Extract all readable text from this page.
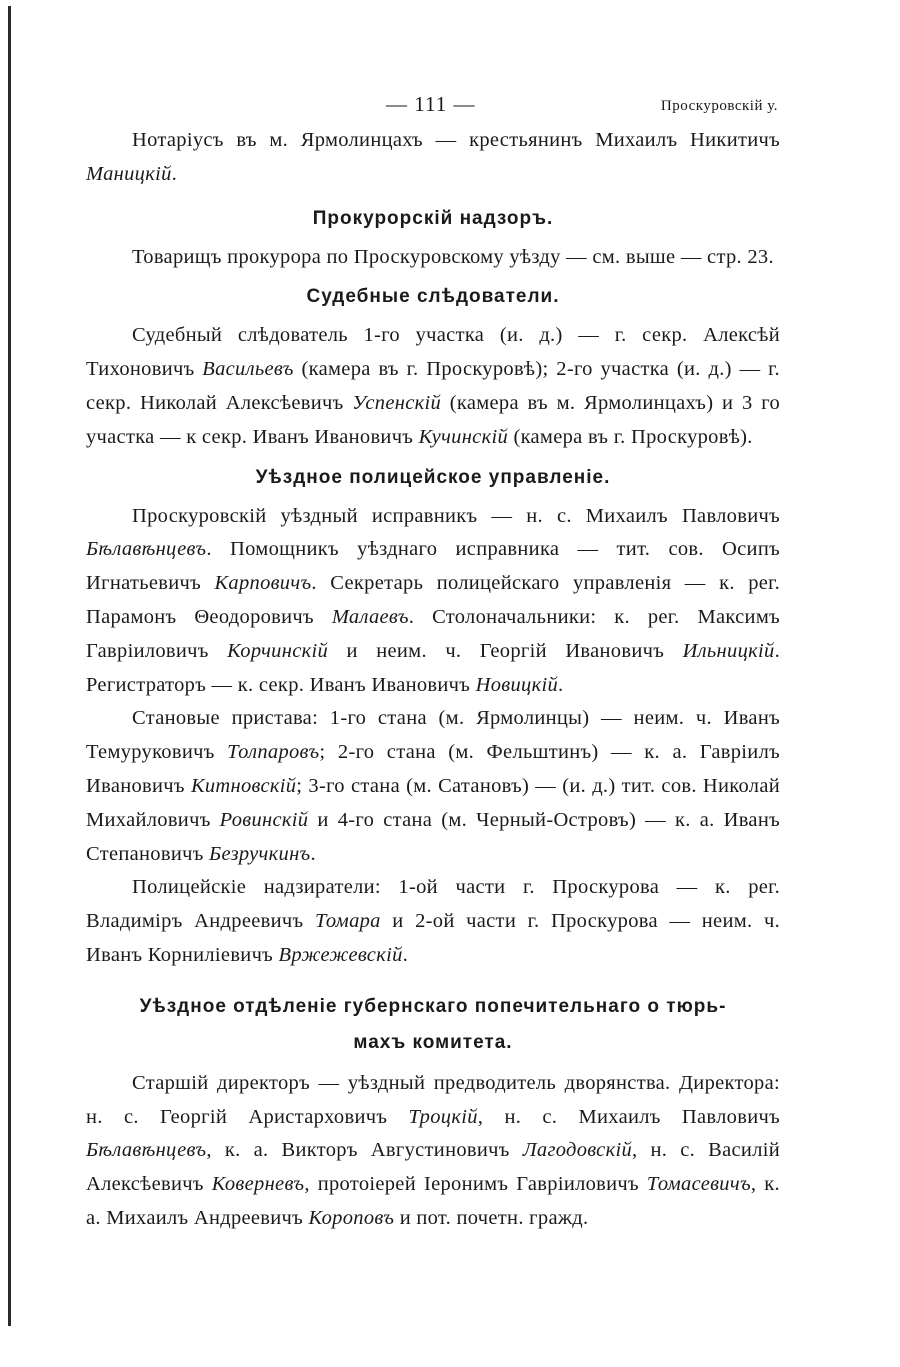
— 111 —	Проскуровскій у.

Нотаріусъ въ м. Ярмолинцахъ — крестьянинъ Михаилъ Никитичъ Маницкій.

Прокурорскій надзоръ.

Товарищъ прокурора по Проскуровскому уѣзду — см. выше — стр. 23.

Судебные слѣдователи.

Судебный слѣдователь 1-го участка (и. д.) — г. секр. Алексѣй Тихоновичъ Васильевъ (камера въ г. Проскуровѣ); 2-го участка (и. д.) — г. секр. Николай Алексѣевичъ Успенскій (камера въ м. Ярмолинцахъ) и 3 го участка — к секр. Иванъ Ивановичъ Кучинскій (камера въ г. Проскуровѣ).

Уѣздное полицейское управленіе.

Проскуровскій уѣздный исправникъ — н. с. Михаилъ Павловичъ Бѣлавѣнцевъ. Помощникъ уѣзднаго исправника — тит. сов. Осипъ Игнатьевичъ Карповичъ. Секретарь полицейскаго управленія — к. рег. Парамонъ Θеодоровичъ Малаевъ. Столоначальники: к. рег. Максимъ Гавріиловичъ Корчинскій и неим. ч. Георгій Ивановичъ Ильницкій. Регистраторъ — к. секр. Иванъ Ивановичъ Новицкій.

Становые пристава: 1-го стана (м. Ярмолинцы) — неим. ч. Иванъ Темуруковичъ Толпаровъ; 2-го стана (м. Фельштинъ) — к. а. Гавріилъ Ивановичъ Китновскій; 3-го стана (м. Сатановъ) — (и. д.) тит. сов. Николай Михайловичъ Ровинскій и 4-го стана (м. Черный-Островъ) — к. а. Иванъ Степановичъ Безручкинъ.

Полицейскіе надзиратели: 1-ой части г. Проскурова — к. рег. Владиміръ Андреевичъ Томара и 2-ой части г. Проскурова — неим. ч. Иванъ Корниліевичъ Вржежевскій.

Уѣздное отдѣленіе губернскаго попечительнаго о тюрь-
махъ комитета.

Старшій директоръ — уѣздный предводитель дворянства. Директора: н. с. Георгій Аристарховичъ Троцкій, н. с. Михаилъ Павловичъ Бѣлавѣнцевъ, к. а. Викторъ Августиновичъ Лагодовскій, н. с. Василій Алексѣевичъ Коверневъ, протоіерей Іеронимъ Гавріиловичъ Томасевичъ, к. а. Михаилъ Андреевичъ Короповъ и пот. почетн. гражд.
